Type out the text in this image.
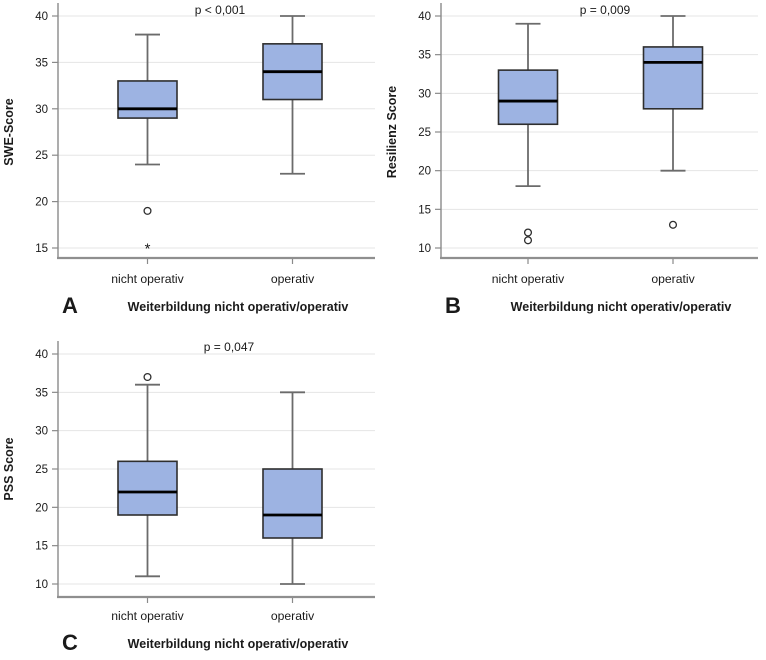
15
20
25
30
35
40
nicht operativ	operativ
*
p < 0,001
SWE-Score
A	Weiterbildung nicht operativ/operativ
10
15
20
25
30
35
40
nicht operativ	operativ
p = 0,009
Resilienz Score
B	Weiterbildung nicht operativ/operativ
10
15
20
25
30
35
40
nicht operativ	operativ
p = 0,047
PSS Score
C	Weiterbildung nicht operativ/operativ
